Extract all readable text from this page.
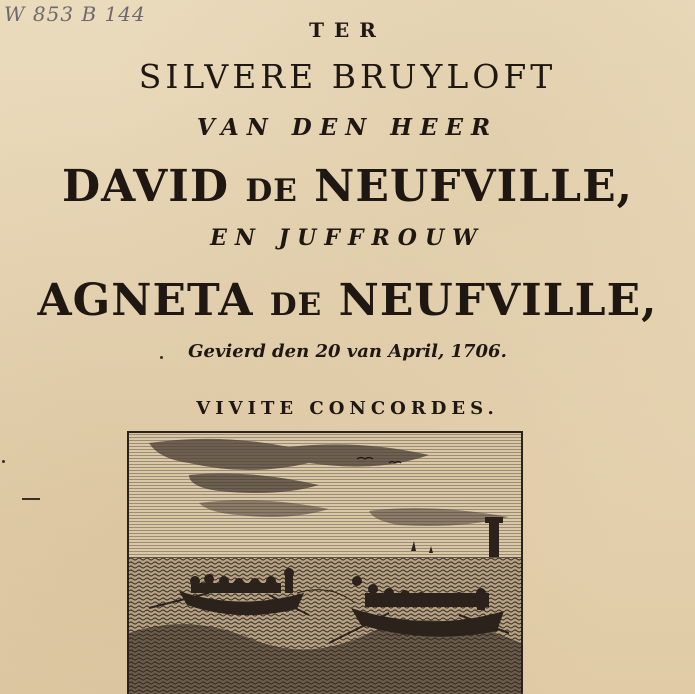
W 853 B 144
TER
SILVERE BRUYLOFT
VAN DEN HEER
DAVID DE NEUFVILLE,
EN JUFFROUW
AGNETA DE NEUFVILLE,
Gevierd den 20 van April, 1706.
VIVITE CONCORDES.
